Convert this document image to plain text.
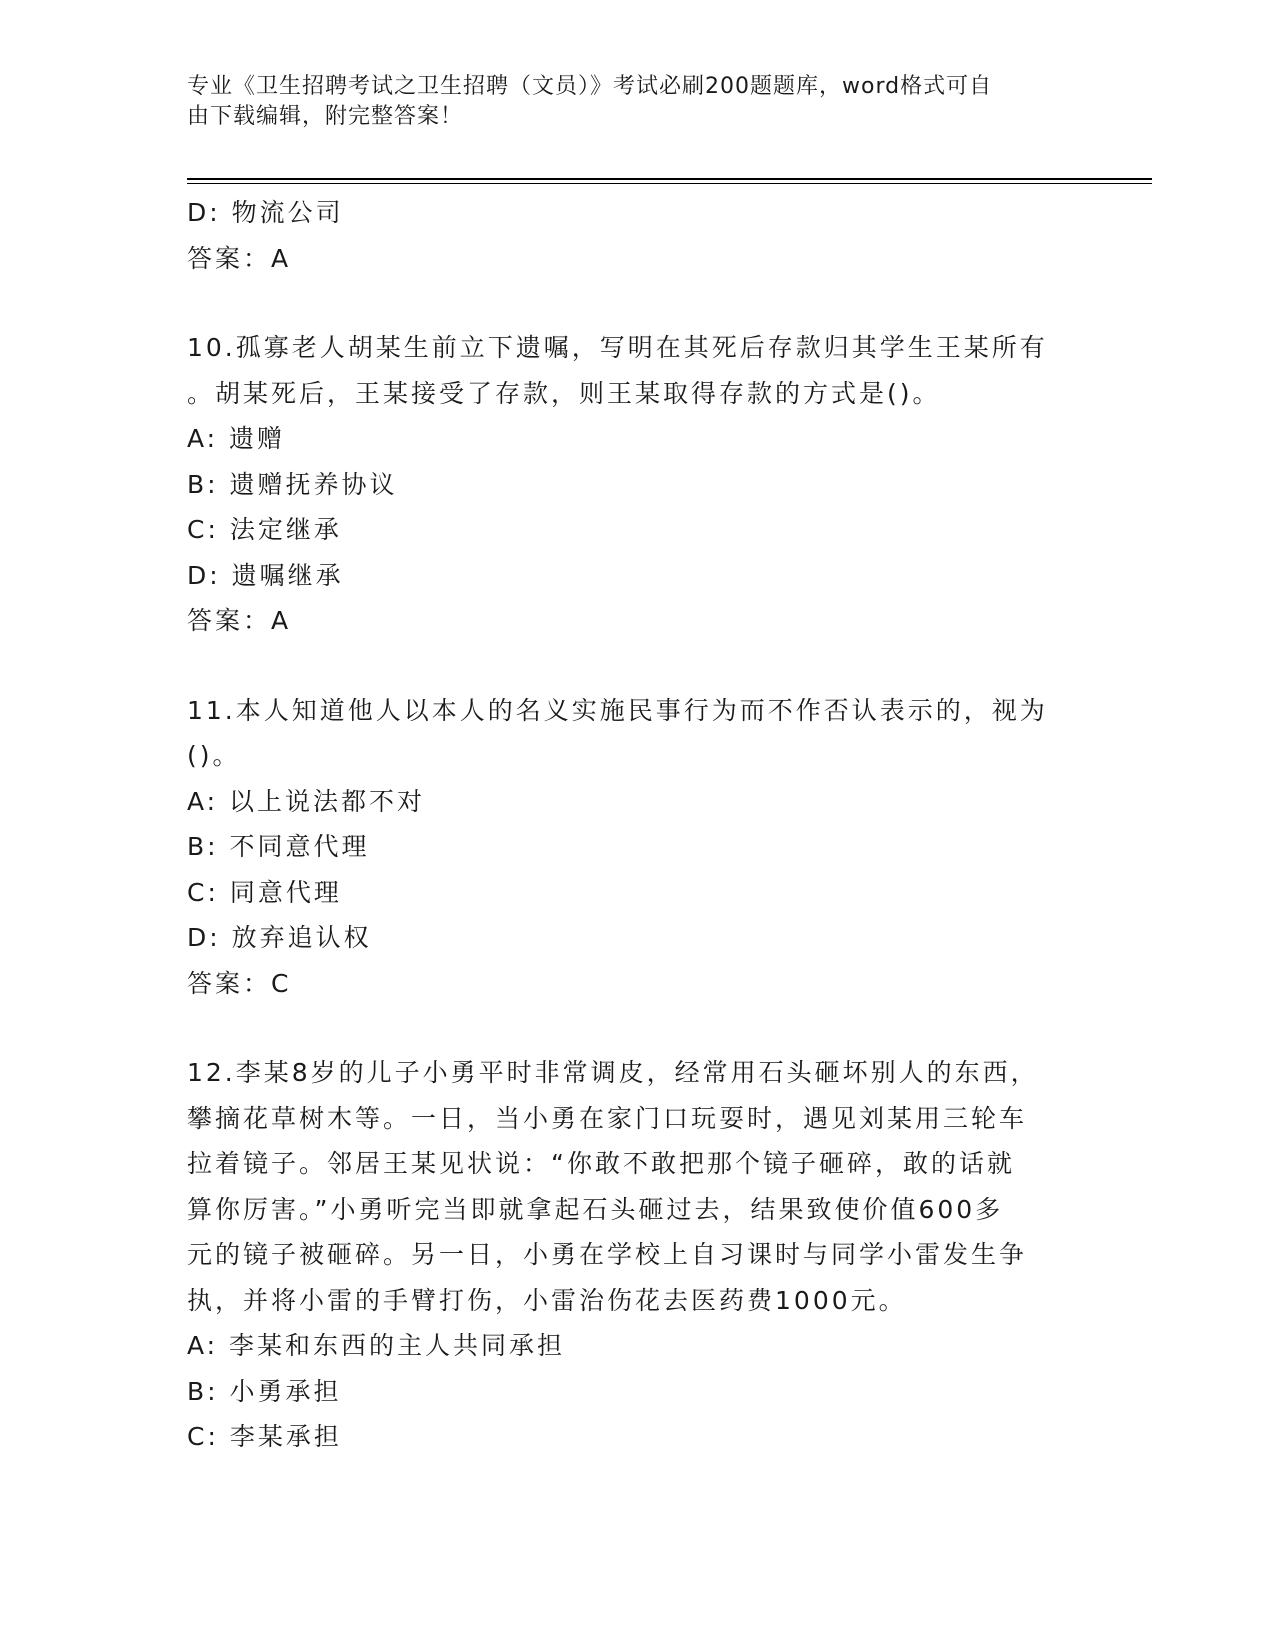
专业《卫生招聘考试之卫生招聘（文员）》考试必刷200题题库，word格式可自
由下载编辑，附完整答案！
D: 物流公司
答案：A
10.孤寡老人胡某生前立下遗嘱，写明在其死后存款归其学生王某所有
。胡某死后，王某接受了存款，则王某取得存款的方式是()。
A: 遗赠
B: 遗赠抚养协议
C: 法定继承
D: 遗嘱继承
答案：A
11.本人知道他人以本人的名义实施民事行为而不作否认表示的，视为
()。
A: 以上说法都不对
B: 不同意代理
C: 同意代理
D: 放弃追认权
答案：C
12.李某8岁的儿子小勇平时非常调皮，经常用石头砸坏别人的东西，
攀摘花草树木等。一日，当小勇在家门口玩耍时，遇见刘某用三轮车
拉着镜子。邻居王某见状说：“你敢不敢把那个镜子砸碎，敢的话就
算你厉害。”小勇听完当即就拿起石头砸过去，结果致使价值600多
元的镜子被砸碎。另一日，小勇在学校上自习课时与同学小雷发生争
执，并将小雷的手臂打伤，小雷治伤花去医药费1000元。
A: 李某和东西的主人共同承担
B: 小勇承担
C: 李某承担
